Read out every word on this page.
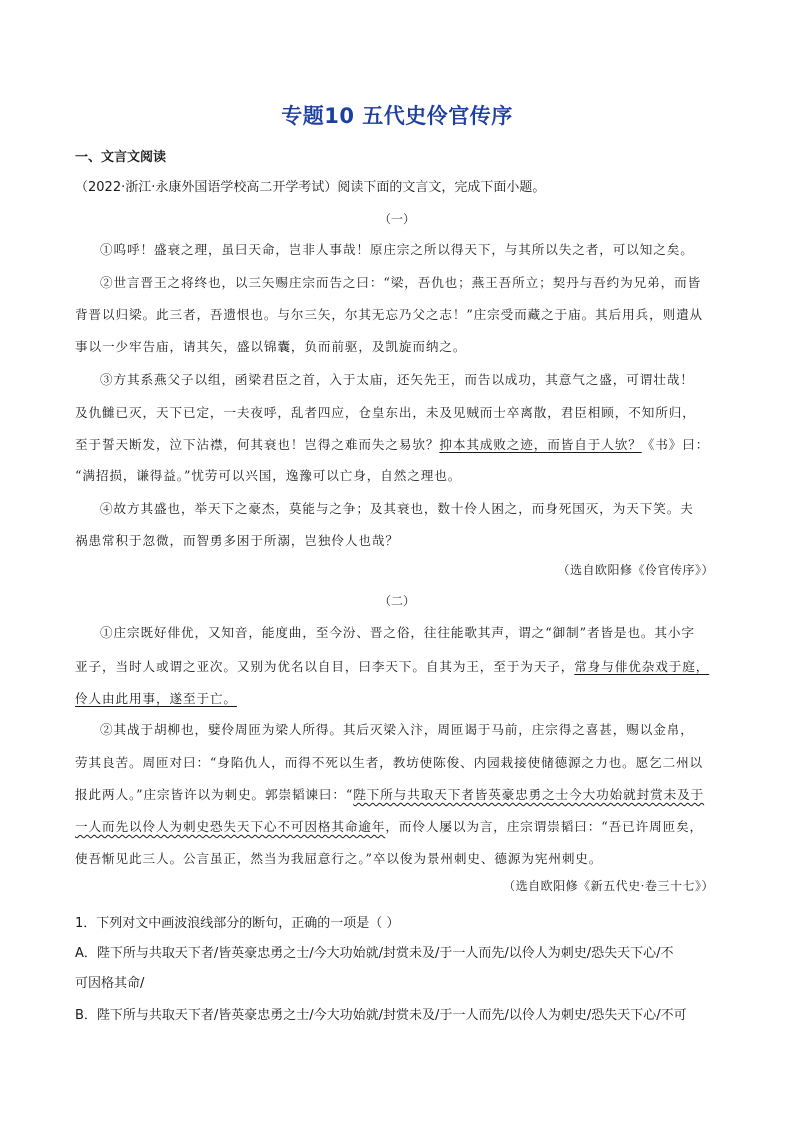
专题10 五代史伶官传序
一、文言文阅读
（2022·浙江·永康外国语学校高二开学考试）阅读下面的文言文，完成下面小题。
（一）
①呜呼！盛衰之理，虽曰天命，岂非人事哉！原庄宗之所以得天下，与其所以失之者，可以知之矣。
②世言晋王之将终也，以三矢赐庄宗而告之曰：“梁，吾仇也；燕王吾所立；契丹与吾约为兄弟，而皆
背晋以归梁。此三者，吾遗恨也。与尔三矢，尔其无忘乃父之志！”庄宗受而藏之于庙。其后用兵，则遣从
事以一少牢告庙，请其矢，盛以锦囊，负而前驱，及凯旋而纳之。
③方其系燕父子以组，函梁君臣之首，入于太庙，还矢先王，而告以成功，其意气之盛，可谓壮哉！
及仇雠已灭，天下已定，一夫夜呼，乱者四应，仓皇东出，未及见贼而士卒离散，君臣相顾，不知所归，
至于誓天断发，泣下沾襟，何其衰也！岂得之难而失之易欤？抑本其成败之迹，而皆自于人欤？《书》曰：
“满招损，谦得益。”忧劳可以兴国，逸豫可以亡身，自然之理也。
④故方其盛也，举天下之豪杰，莫能与之争；及其衰也，数十伶人困之，而身死国灭，为天下笑。夫
祸患常积于忽微，而智勇多困于所溺，岂独伶人也哉？
（选自欧阳修《伶官传序》）
（二）
①庄宗既好俳优，又知音，能度曲，至今汾、晋之俗，往往能歌其声，谓之“御制”者皆是也。其小字
亚子，当时人或谓之亚次。又别为优名以自目，曰李天下。自其为王，至于为天子，常身与俳优杂戏于庭，
伶人由此用事，遂至于亡。
②其战于胡柳也，嬖伶周匝为梁人所得。其后灭梁入汴，周匝谒于马前，庄宗得之喜甚，赐以金帛，
劳其良苦。周匝对曰：“身陷仇人，而得不死以生者，教坊使陈俊、内园栽接使储德源之力也。愿乞二州以
报此两人。”庄宗皆许以为刺史。郭崇韬谏曰：“陛下所与共取天下者皆英豪忠勇之士今大功始就封赏未及于
一人而先以伶人为刺史恐失天下心不可因格其命逾年，而伶人屡以为言，庄宗谓崇韬曰：“吾已许周匝矣，
使吾惭见此三人。公言虽正，然当为我屈意行之。”卒以俊为景州刺史、德源为宪州刺史。
（选自欧阳修《新五代史·卷三十七》）
1．下列对文中画波浪线部分的断句，正确的一项是（ ）
A．陛下所与共取天下者/皆英豪忠勇之士/今大功始就/封赏未及/于一人而先/以伶人为刺史/恐失天下心/不
可因格其命/
B．陛下所与共取天下者/皆英豪忠勇之士/今大功始就/封赏未及/于一人而先/以伶人为刺史/恐失天下心/不可
